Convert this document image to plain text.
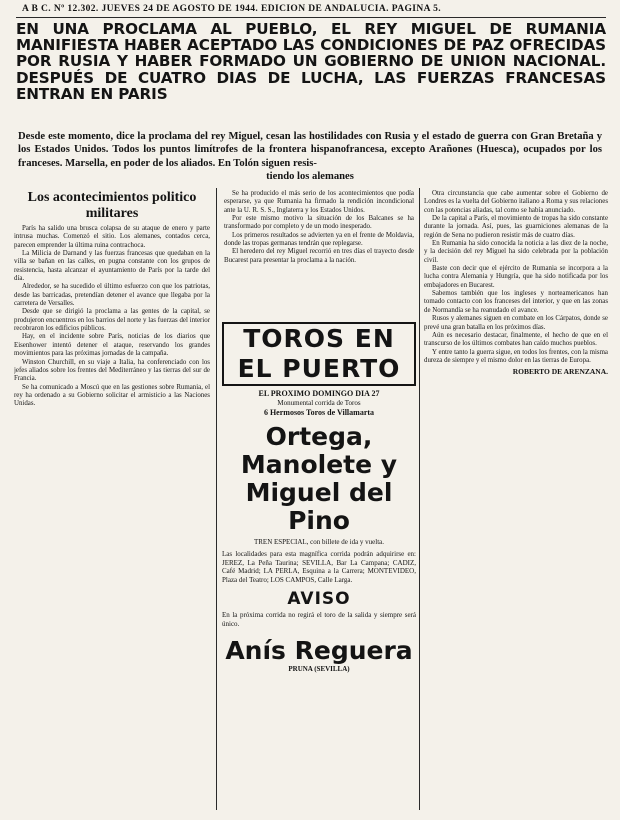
A B C. Nº 12.302. JUEVES 24 DE AGOSTO DE 1944. EDICION DE ANDALUCIA. PAGINA 5.
EN UNA PROCLAMA AL PUEBLO, EL REY MIGUEL DE RUMANIA MANIFIESTA HABER ACEPTADO LAS CONDICIONES DE PAZ OFRECIDAS POR RUSIA Y HABER FORMADO UN GOBIERNO DE UNION NACIONAL. DESPUÉS DE CUATRO DIAS DE LUCHA, LAS FUERZAS FRANCESAS ENTRAN EN PARIS
Desde este momento, dice la proclama del rey Miguel, cesan las hostilidades con Rusia y el estado de guerra con Gran Bretaña y los Estados Unidos. Todos los puntos limítrofes de la frontera hispanofrancesa, excepto Arañones (Huesca), ocupados por los franceses. Marsella, en poder de los aliados. En Tolón siguen resis-
tiendo los alemanes
Los acontecimientos politico militares

París ha salido una brusca colapsa de su ataque de enero y parte intrusa muchas. Comenzó el sitio. Los alemanes, contados cerca, parecen emprender la última ruina contrachoca.

La Milicia de Darnand y las fuerzas francesas que quedaban en la villa se bañan en las calles, en pugna constante con los grupos de resistencia, hasta alcanzar el ayuntamiento de París por la tarde del día.

Alrededor, se ha sucedido el último esfuerzo con que los patriotas, desde las barricadas, pretendían detener el avance que llegaba por la carretera de Versalles.

Desde que se dirigió la proclama a las gentes de la capital, se produjeron encuentros en los barrios del norte y las fuerzas del interior recobraron los edificios públicos.

Hay, en el incidente sobre París, noticias de los diarios que Eisenhower intentó detener el ataque, reservando los grandes movimientos para las próximas jornadas de la campaña.

Winston Churchill, en su viaje a Italia, ha conferenciado con los jefes aliados sobre los frentes del Mediterráneo y las tierras del sur de Francia.

Se ha comunicado a Moscú que en las gestiones sobre Rumania, el rey ha ordenado a su Gobierno solicitar el armisticio a las Naciones Unidas.

Se ha producido el más serio de los acontecimientos que podía esperarse, ya que Rumania ha firmado la rendición incondicional ante la U. R. S. S., Inglaterra y los Estados Unidos.

Por este mismo motivo la situación de los Balcanes se ha transformado por completo y de un modo inesperado.

Los primeros resultados se advierten ya en el frente de Moldavia, donde las tropas germanas tendrán que replegarse.

El heredero del rey Miguel recorrió en tres días el trayecto desde Bucarest para presentar la proclama a la nación.

TOROS EN EL PUERTO
EL PROXIMO DOMINGO DIA 27
Monumental corrida de Toros
6 Hermosos Toros de Villamarta
Ortega, Manolete y Miguel del Pino
TREN ESPECIAL, con billete de ida y vuelta.
Las localidades para esta magnífica corrida podrán adquirirse en: JEREZ, La Peña Taurina; SEVILLA, Bar La Campana; CADIZ, Café Madrid; LA PERLA, Esquina a la Carrera; MONTEVIDEO, Plaza del Teatro; LOS CAMPOS, Calle Larga.
AVISO
En la próxima corrida no regirá el toro de la salida y siempre será único.
Anís Reguera
PRUNA (SEVILLA)

Otra circunstancia que cabe aumentar sobre el Gobierno de Londres es la vuelta del Gobierno italiano a Roma y sus relaciones con las potencias aliadas, tal como se había anunciado.

De la capital a París, el movimiento de tropas ha sido constante durante la jornada. Así, pues, las guarniciones alemanas de la región de Sena no pudieron resistir más de cuatro días.

En Rumania ha sido conocida la noticia a las diez de la noche, y la decisión del rey Miguel ha sido celebrada por la población civil.

Baste con decir que el ejército de Rumania se incorpora a la lucha contra Alemania y Hungría, que ha sido notificada por los embajadores en Bucarest.

Sabemos también que los ingleses y norteamericanos han tomado contacto con los franceses del interior, y que en las zonas de Normandía se ha reanudado el avance.

Rusos y alemanes siguen en combate en los Cárpatos, donde se prevé una gran batalla en los próximos días.

Aún es necesario destacar, finalmente, el hecho de que en el transcurso de los últimos combates han caído muchos pueblos.

Y entre tanto la guerra sigue, en todos los frentes, con la misma dureza de siempre y el mismo dolor en las tierras de Europa.

ROBERTO DE ARENZANA.
